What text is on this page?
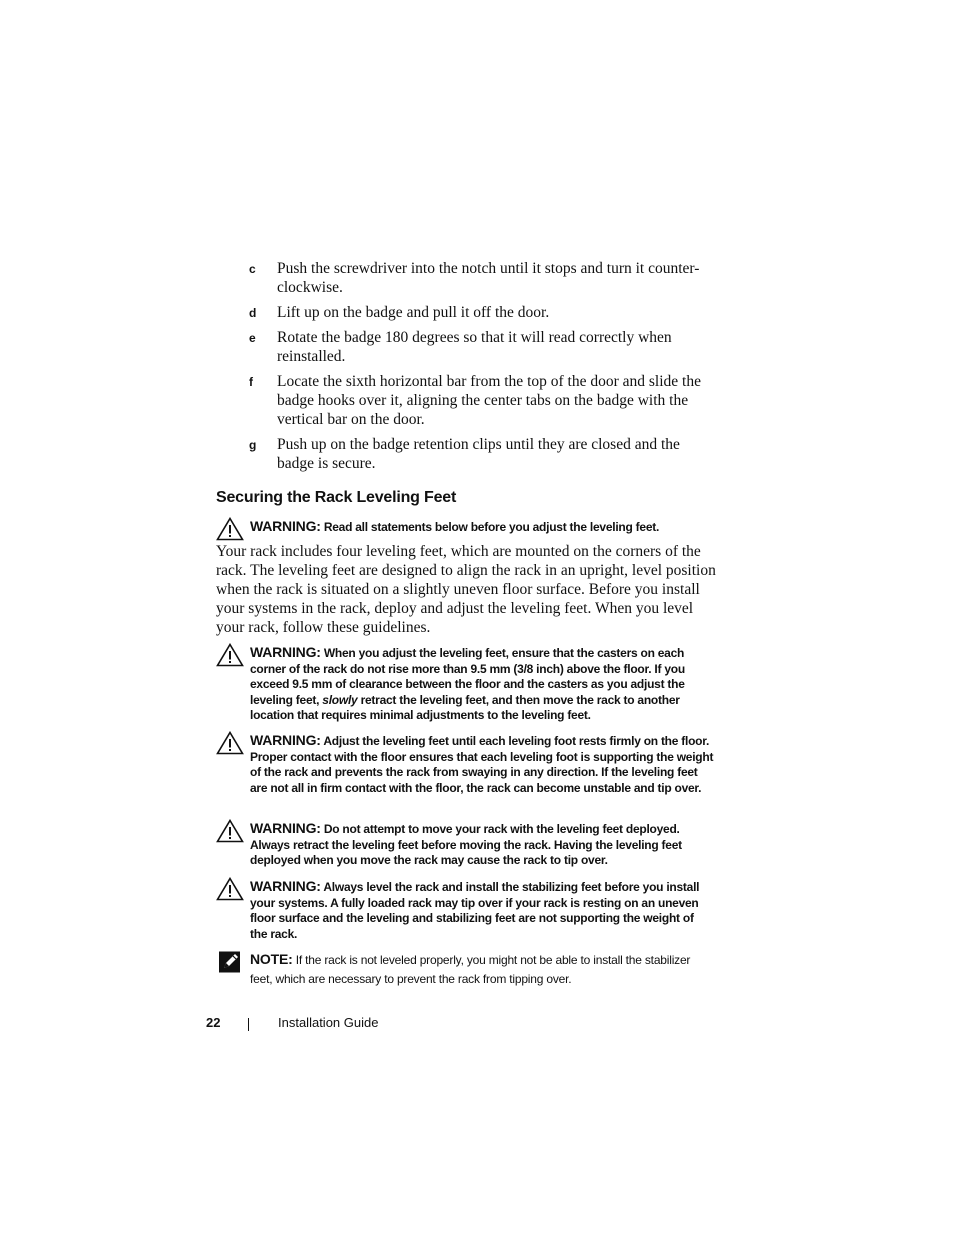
c Push the screwdriver into the notch until it stops and turn it counter-clockwise.
d Lift up on the badge and pull it off the door.
e Rotate the badge 180 degrees so that it will read correctly when reinstalled.
f Locate the sixth horizontal bar from the top of the door and slide the badge hooks over it, aligning the center tabs on the badge with the vertical bar on the door.
g Push up on the badge retention clips until they are closed and the badge is secure.
Securing the Rack Leveling Feet
WARNING: Read all statements below before you adjust the leveling feet.

Your rack includes four leveling feet, which are mounted on the corners of the rack. The leveling feet are designed to align the rack in an upright, level position when the rack is situated on a slightly uneven floor surface. Before you install your systems in the rack, deploy and adjust the leveling feet. When you level your rack, follow these guidelines.

WARNING: When you adjust the leveling feet, ensure that the casters on each corner of the rack do not rise more than 9.5 mm (3/8 inch) above the floor. If you exceed 9.5 mm of clearance between the floor and the casters as you adjust the leveling feet, slowly retract the leveling feet, and then move the rack to another location that requires minimal adjustments to the leveling feet.
WARNING: Adjust the leveling feet until each leveling foot rests firmly on the floor. Proper contact with the floor ensures that each leveling foot is supporting the weight of the rack and prevents the rack from swaying in any direction. If the leveling feet are not all in firm contact with the floor, the rack can become unstable and tip over.
WARNING: Do not attempt to move your rack with the leveling feet deployed. Always retract the leveling feet before moving the rack. Having the leveling feet deployed when you move the rack may cause the rack to tip over.
WARNING: Always level the rack and install the stabilizing feet before you install your systems. A fully loaded rack may tip over if your rack is resting on an uneven floor surface and the leveling and stabilizing feet are not supporting the weight of the rack.
NOTE: If the rack is not leveled properly, you might not be able to install the stabilizer feet, which are necessary to prevent the rack from tipping over.
22	Installation Guide
